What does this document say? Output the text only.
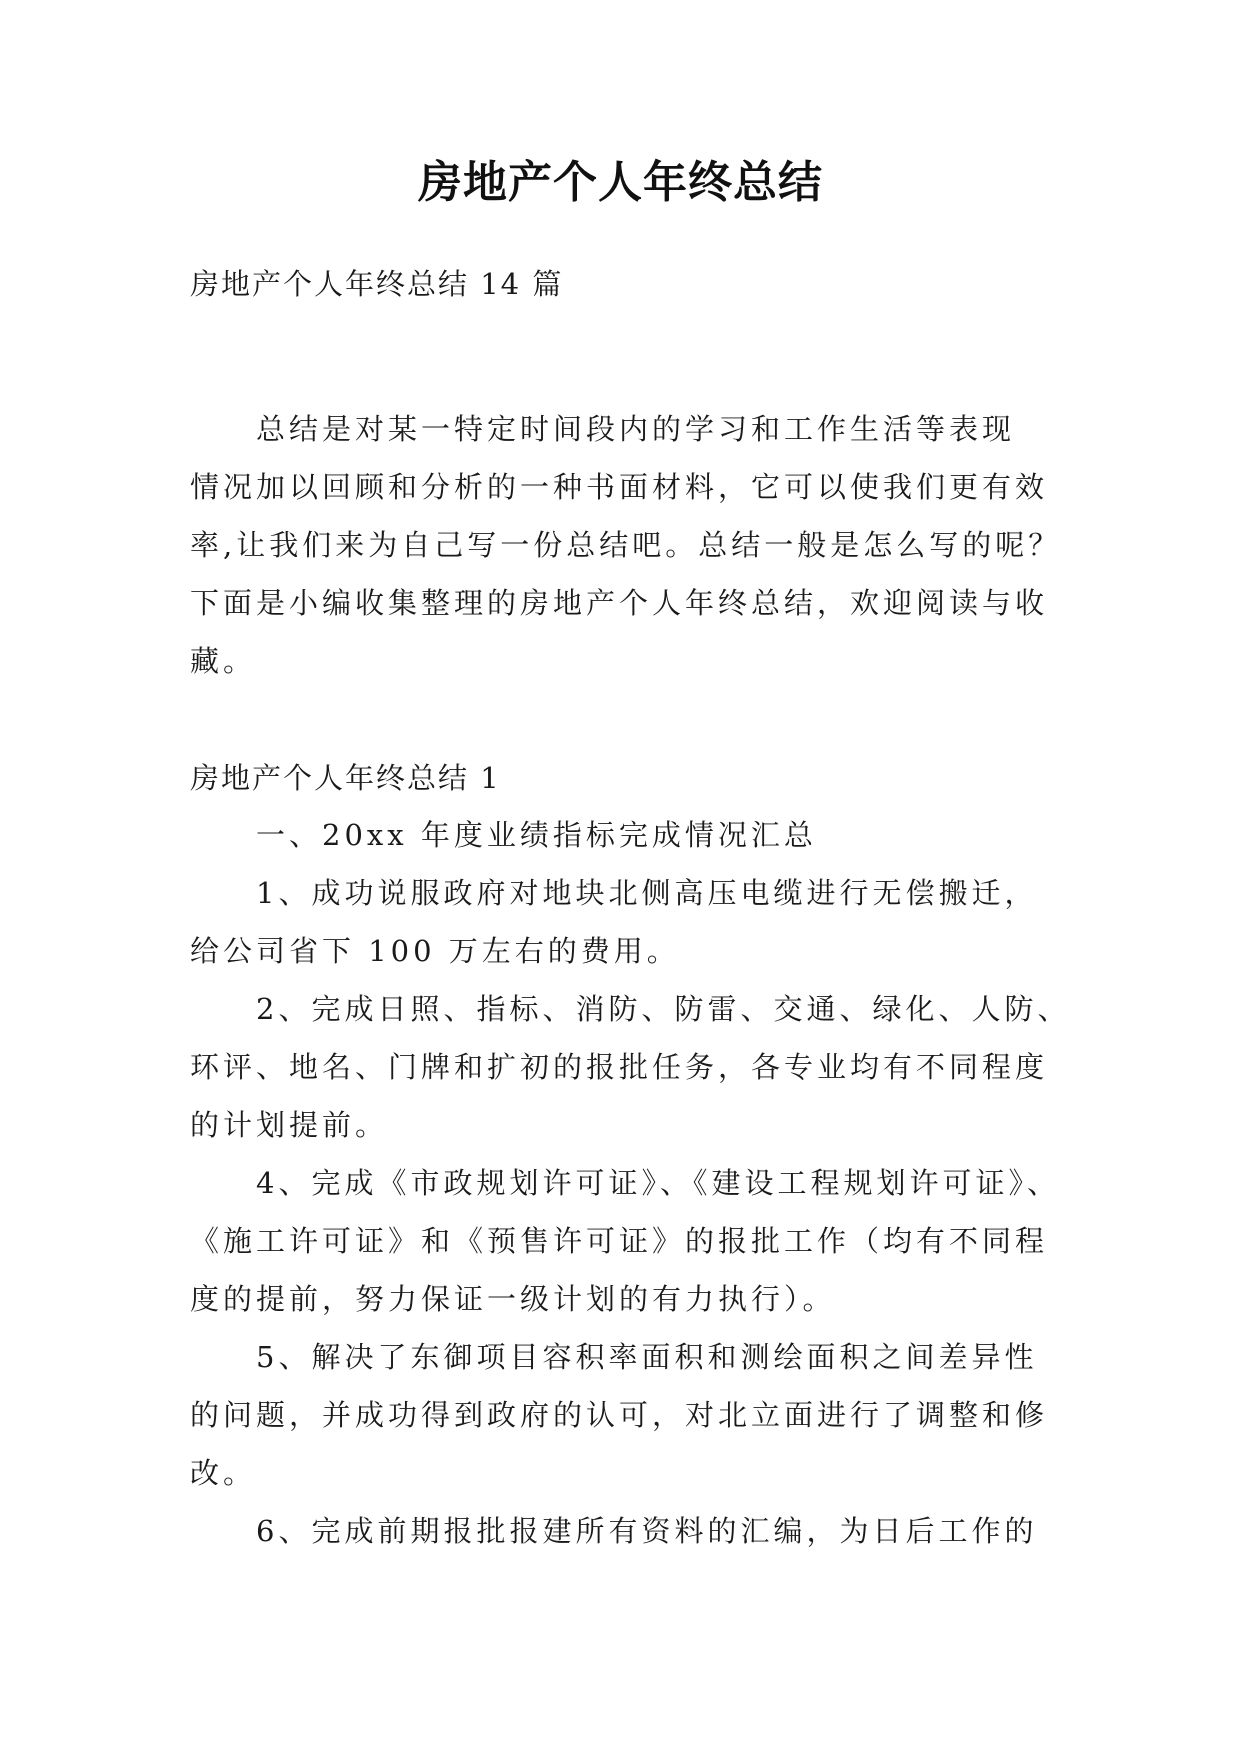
房地产个人年终总结
房地产个人年终总结 14 篇
总结是对某一特定时间段内的学习和工作生活等表现
情况加以回顾和分析的一种书面材料，它可以使我们更有效
率,让我们来为自己写一份总结吧。总结一般是怎么写的呢？
下面是小编收集整理的房地产个人年终总结，欢迎阅读与收
藏。
房地产个人年终总结 1
一、20xx 年度业绩指标完成情况汇总
1、成功说服政府对地块北侧高压电缆进行无偿搬迁，
给公司省下 100 万左右的费用。
2、完成日照、指标、消防、防雷、交通、绿化、人防、
环评、地名、门牌和扩初的报批任务，各专业均有不同程度
的计划提前。
4、完成《市政规划许可证》、《建设工程规划许可证》、
《施工许可证》和《预售许可证》的报批工作（均有不同程
度的提前，努力保证一级计划的有力执行）。
5、解决了东御项目容积率面积和测绘面积之间差异性
的问题，并成功得到政府的认可，对北立面进行了调整和修
改。
6、完成前期报批报建所有资料的汇编，为日后工作的
